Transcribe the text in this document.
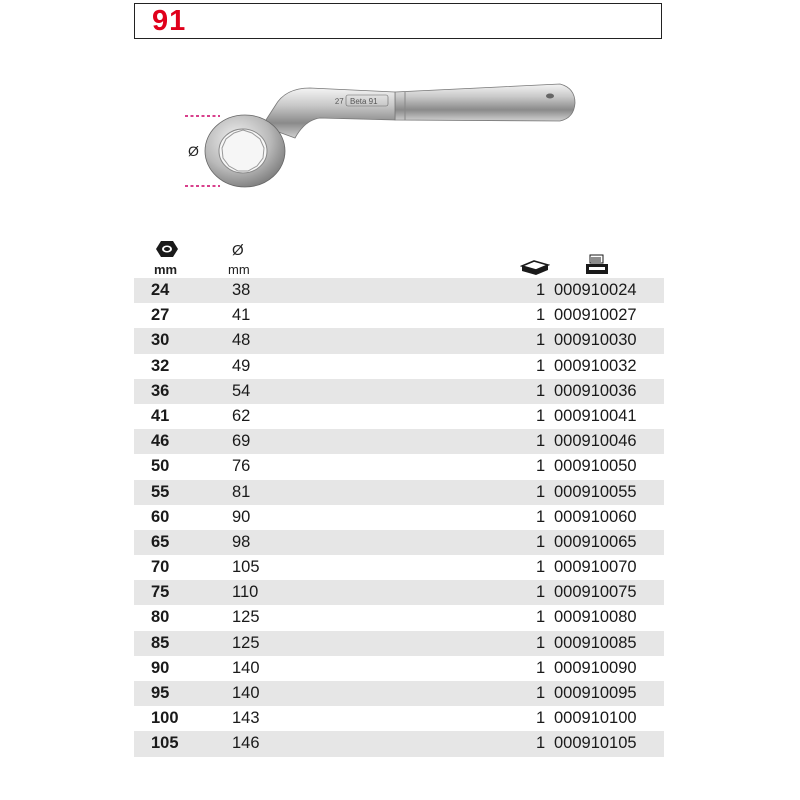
91
27 Beta 91
Ø
mm
Ø
mm
24	38	1 000910024
27	41	1 000910027
30	48	1 000910030
32	49	1 000910032
36	54	1 000910036
41	62	1 000910041
46	69	1 000910046
50	76	1 000910050
55	81	1 000910055
60	90	1 000910060
65	98	1 000910065
70	105	1 000910070
75	110	1 000910075
80	125	1 000910080
85	125	1 000910085
90	140	1 000910090
95	140	1 000910095
100	143	1 000910100
105	146	1 000910105
